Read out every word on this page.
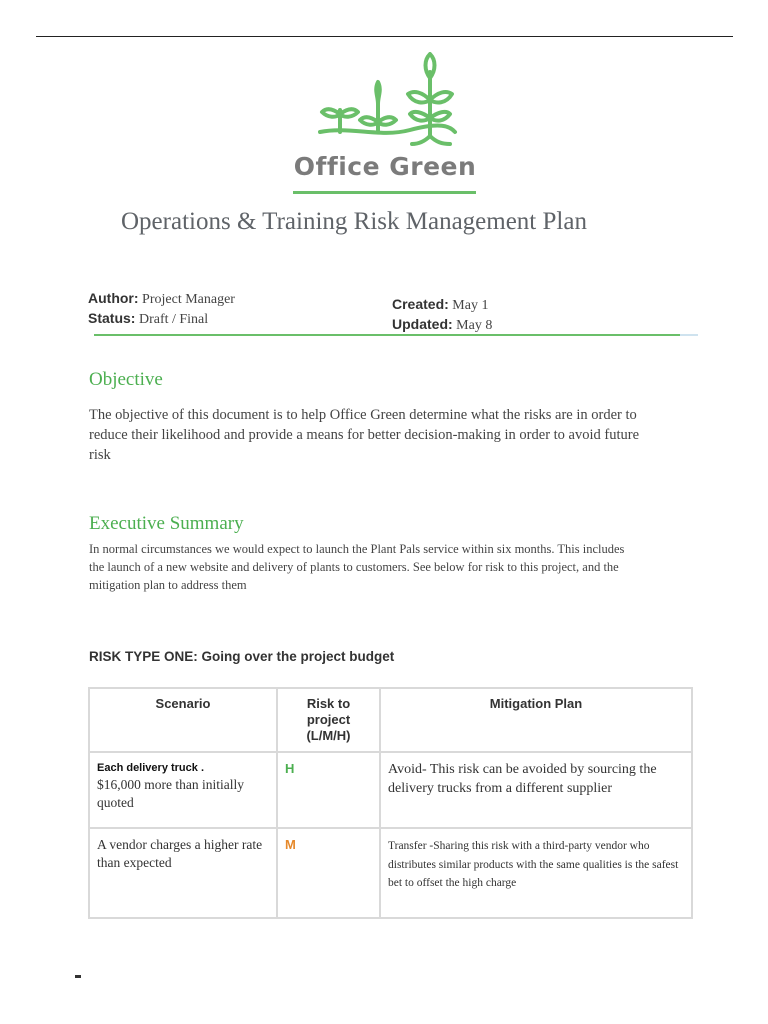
Office Green
Operations & Training Risk Management Plan
Author: Project Manager
Status: Draft / Final
Created: May 1
Updated: May 8
Objective
The objective of this document is to help Office Green determine what the risks are in order to reduce their likelihood and provide a means for better decision-making in order to avoid future risk
Executive Summary
In normal circumstances we would expect to launch the Plant Pals service within six months. This includes the launch of a new website and delivery of plants to customers. See below for risk to this project, and the mitigation plan to address them
RISK TYPE ONE: Going over the project budget
Scenario	Risk to project (L/M/H)	Mitigation Plan

Each delivery truck .
$16,000 more than initially quoted	H	Avoid- This risk can be avoided by sourcing the delivery trucks from a different supplier
A vendor charges a higher rate than expected	M	Transfer -Sharing this risk with a third-party vendor who distributes similar products with the same qualities is the safest bet to offset the high charge
